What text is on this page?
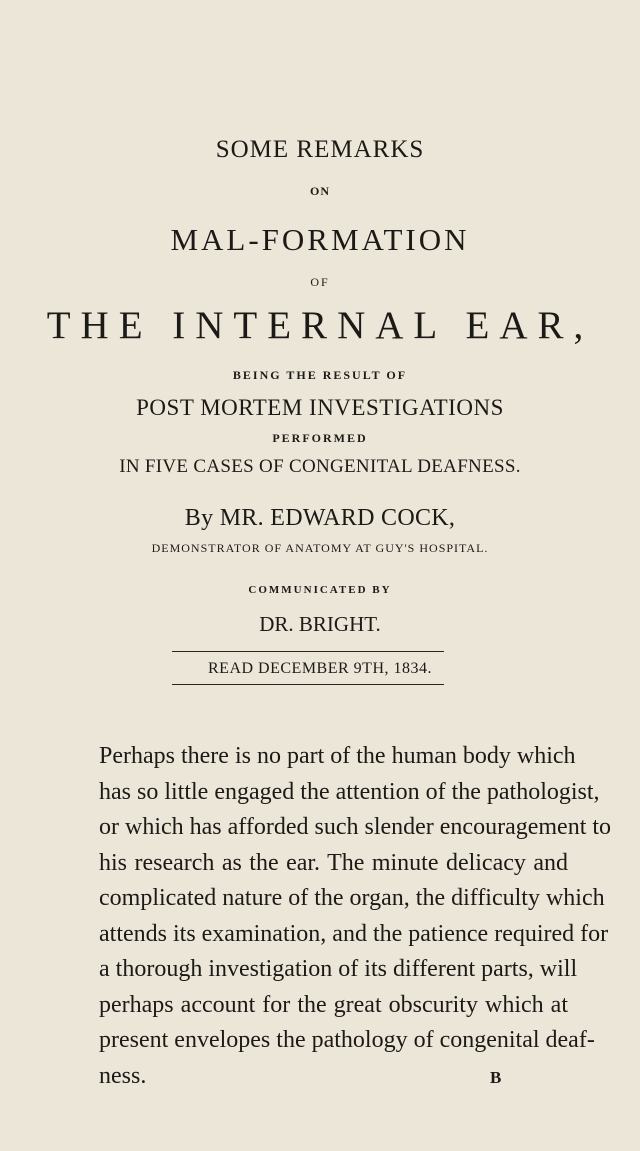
SOME REMARKS
ON
MAL-FORMATION
OF
THE INTERNAL EAR,
BEING THE RESULT OF
POST MORTEM INVESTIGATIONS
PERFORMED
IN FIVE CASES OF CONGENITAL DEAFNESS.
By MR. EDWARD COCK,
DEMONSTRATOR OF ANATOMY AT GUY'S HOSPITAL.
COMMUNICATED BY
DR. BRIGHT.
READ DECEMBER 9TH, 1834.
Perhaps there is no part of the human body which
has so little engaged the attention of the pathologist,
or which has afforded such slender encouragement to
his research as the ear. The minute delicacy and
complicated nature of the organ, the difficulty which
attends its examination, and the patience required for
a thorough investigation of its different parts, will
perhaps account for the great obscurity which at
present envelopes the pathology of congenital deaf-
ness.	B
